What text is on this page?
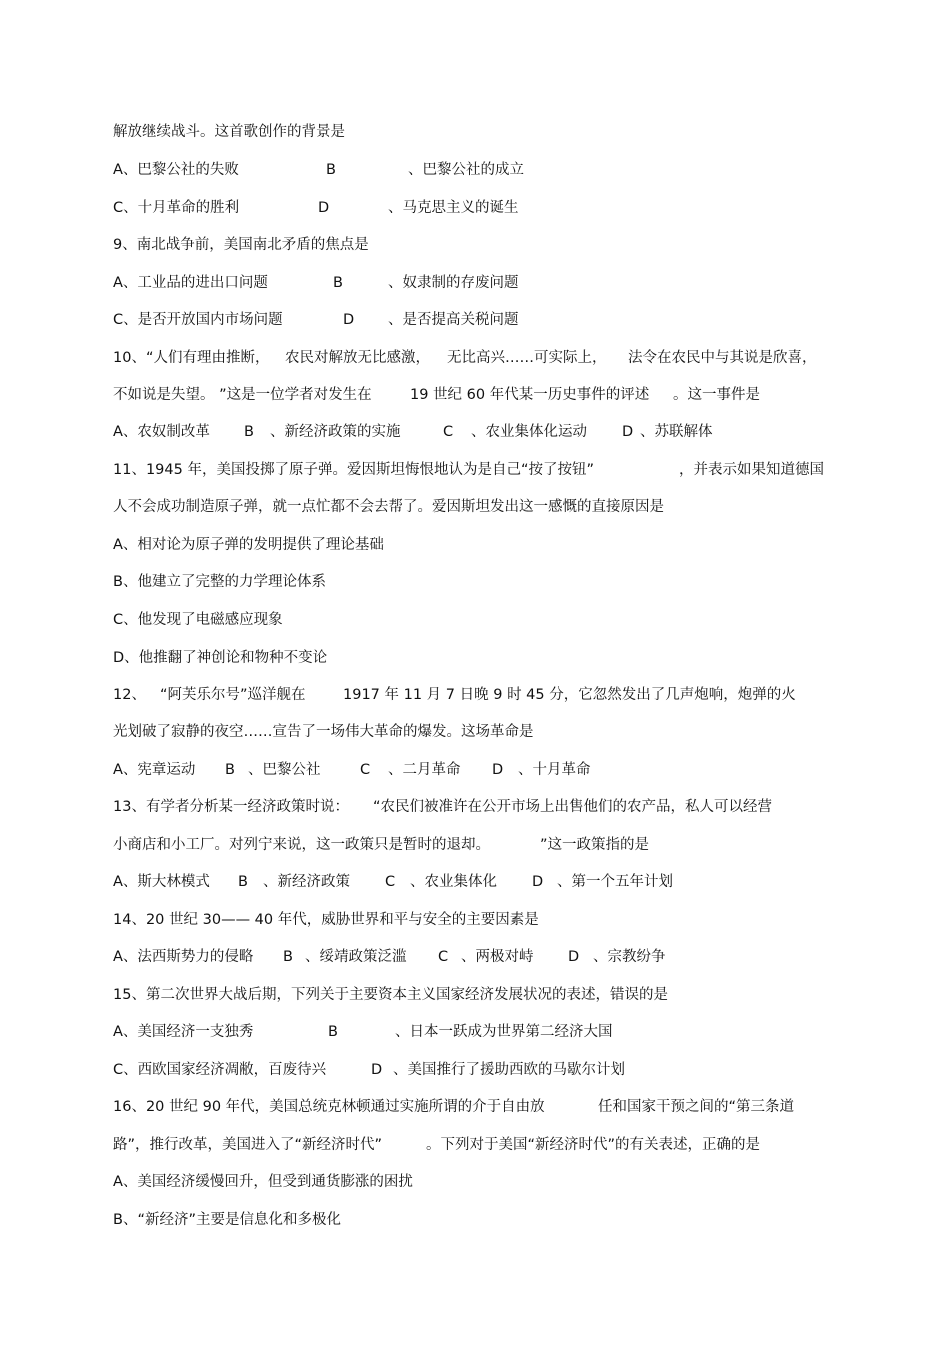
解放继续战斗。这首歌创作的背景是
A、巴黎公社的失败	B	、巴黎公社的成立
C、十月革命的胜利	D	、马克思主义的诞生
9、南北战争前，美国南北矛盾的焦点是
A、工业品的进出口问题	B	、奴隶制的存废问题
C、是否开放国内市场问题	D 、是否提高关税问题
10、“人们有理由推断， 农民对解放无比感激， 无比高兴……可实际上， 法令在农民中与其说是欣喜，
不如说是失望。 ”这是一位学者对发生在	19 世纪 60 年代某一历史事件的评述 。这一事件是
A、农奴制改革 B 、新经济政策的实施	C 、农业集体化运动 D 、苏联解体
11、1945 年，美国投掷了原子弹。爱因斯坦悔恨地认为是自己“按了按钮”	，并表示如果知道德国
人不会成功制造原子弹，就一点忙都不会去帮了。爱因斯坦发出这一感慨的直接原因是
A、相对论为原子弹的发明提供了理论基础
B、他建立了完整的力学理论体系
C、他发现了电磁感应现象
D、他推翻了神创论和物种不变论
12、 “阿芙乐尔号”巡洋舰在	1917 年 11 月 7 日晚 9 时 45 分，它忽然发出了几声炮响，炮弹的火
光划破了寂静的夜空……宣告了一场伟大革命的爆发。这场革命是
A、宪章运动 B 、巴黎公社	C 、二月革命 D 、十月革命
13、有学者分析某一经济政策时说： “农民们被准许在公开市场上出售他们的农产品，私人可以经营
小商店和小工厂。对列宁来说，这一政策只是暂时的退却。	”这一政策指的是
A、斯大林模式 B 、新经济政策 C 、农业集体化 D 、第一个五年计划
14、20 世纪 30—— 40 年代，威胁世界和平与安全的主要因素是
A、法西斯势力的侵略 B 、绥靖政策泛滥 C 、两极对峙 D 、宗教纷争
15、第二次世界大战后期，下列关于主要资本主义国家经济发展状况的表述，错误的是
A、美国经济一支独秀	B	、日本一跃成为世界第二经济大国
C、西欧国家经济凋敝，百废待兴	D 、美国推行了援助西欧的马歇尔计划
16、20 世纪 90 年代，美国总统克林顿通过实施所谓的介于自由放	任和国家干预之间的“第三条道
路”，推行改革，美国进入了“新经济时代”	。下列对于美国“新经济时代”的有关表述，正确的是
A、美国经济缓慢回升，但受到通货膨涨的困扰
B、“新经济”主要是信息化和多极化
